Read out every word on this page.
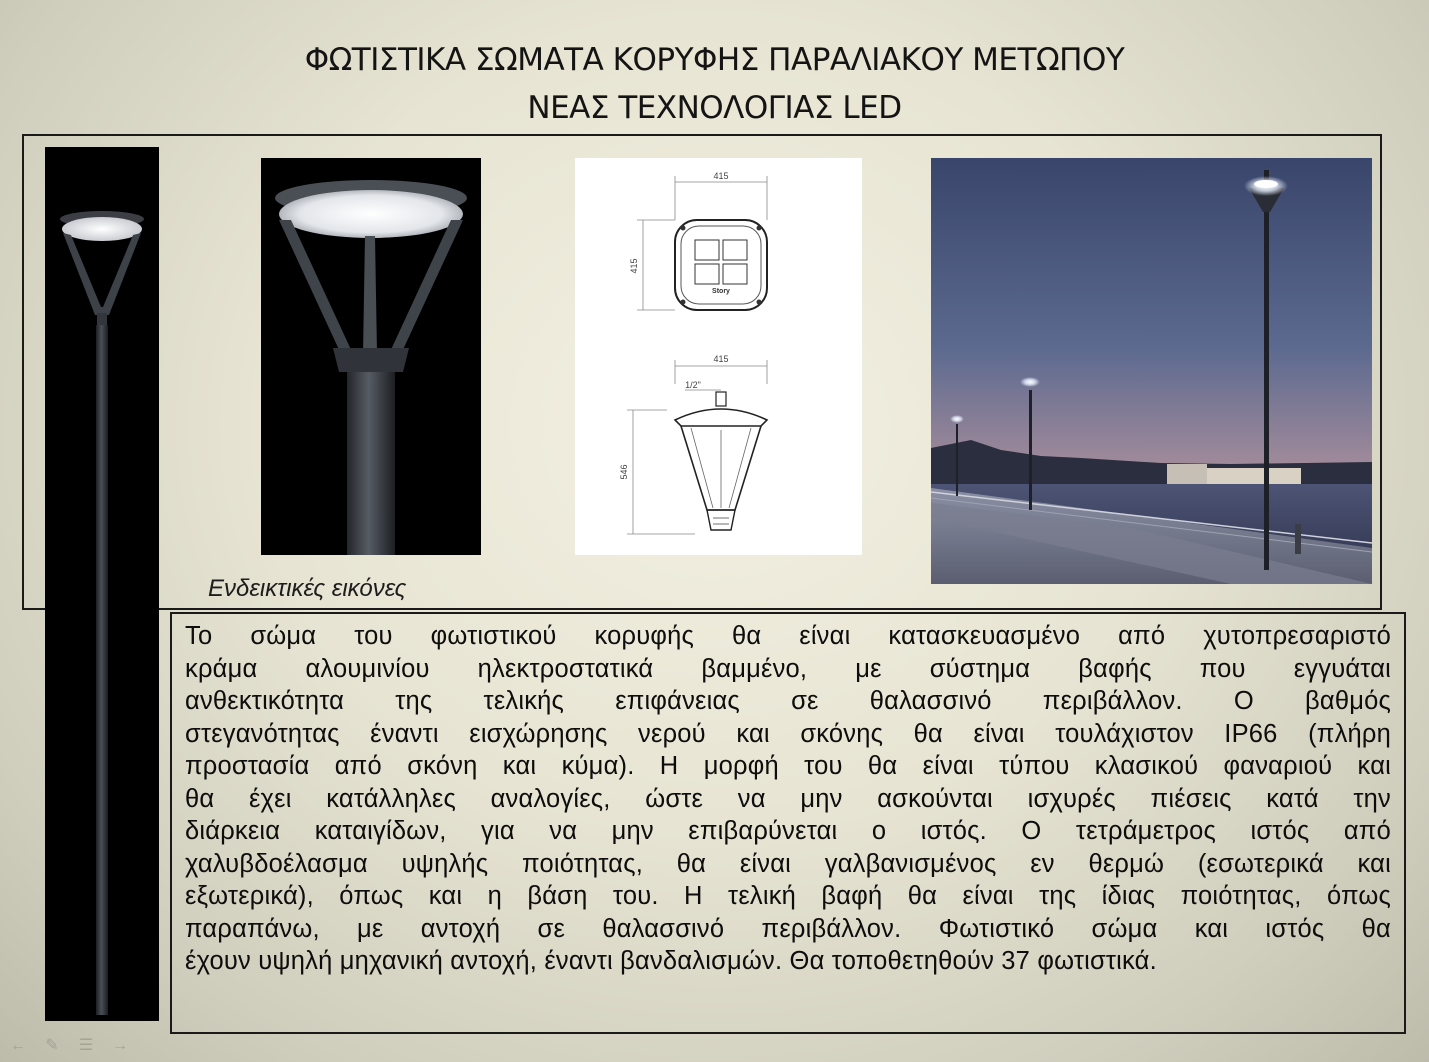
ΦΩΤΙΣΤΙΚΑ ΣΩΜΑΤΑ ΚΟΡΥΦΗΣ ΠΑΡΑΛΙΑΚΟΥ ΜΕΤΩΠΟΥ
ΝΕΑΣ ΤΕΧΝΟΛΟΓΙΑΣ LED
415
415
Story
415
1/2"
546
Ενδεικτικές εικόνες

Το σώμα του φωτιστικού κορυφής θα είναι κατασκευασμένο από χυτοπρεσαριστό
κράμα αλουμινίου ηλεκτροστατικά βαμμένο, με σύστημα βαφής που εγγυάται
ανθεκτικότητα της τελικής επιφάνειας σε θαλασσινό περιβάλλον. Ο βαθμός
στεγανότητας έναντι εισχώρησης νερού και σκόνης θα είναι τουλάχιστον IP66 (πλήρη
προστασία από σκόνη και κύμα). Η μορφή του θα είναι τύπου κλασικού φαναριού και
θα έχει κατάλληλες αναλογίες, ώστε να μην ασκούνται ισχυρές πιέσεις κατά την
διάρκεια καταιγίδων, για να μην επιβαρύνεται ο ιστός. Ο τετράμετρος ιστός από
χαλυβδοέλασμα υψηλής ποιότητας, θα είναι γαλβανισμένος εν θερμώ (εσωτερικά και
εξωτερικά), όπως και η βάση του. Η τελική βαφή θα είναι της ίδιας ποιότητας, όπως
παραπάνω, με αντοχή σε θαλασσινό περιβάλλον. Φωτιστικό σώμα και ιστός θα
έχουν υψηλή μηχανική αντοχή, έναντι βανδαλισμών. Θα τοποθετηθούν 37 φωτιστικά.

←	✎	☰	→
